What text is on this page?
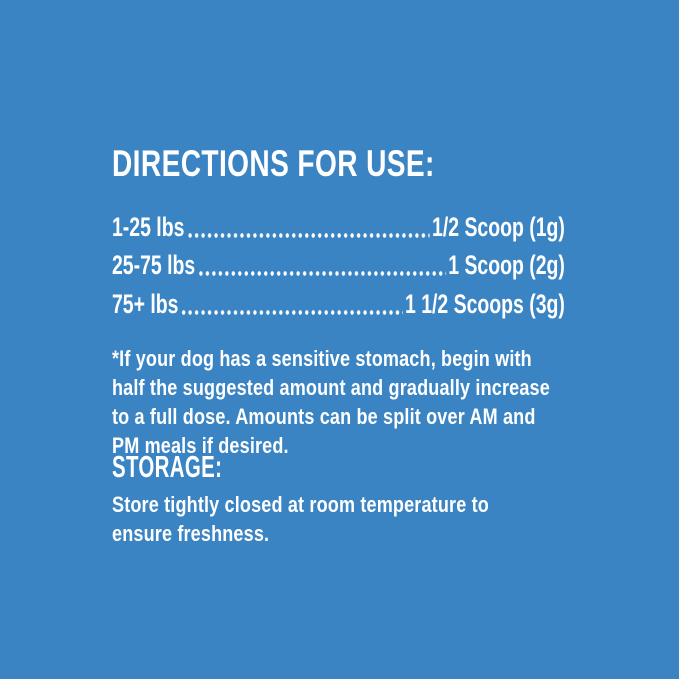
DIRECTIONS FOR USE:
1-25 lbs	1/2 Scoop (1g)
25-75 lbs	1 Scoop (2g)
75+ lbs	1 1/2 Scoops (3g)
*If your dog has a sensitive stomach, begin with
half the suggested amount and gradually increase
to a full dose. Amounts can be split over AM and
PM meals if desired.
STORAGE:
Store tightly closed at room temperature to
ensure freshness.
